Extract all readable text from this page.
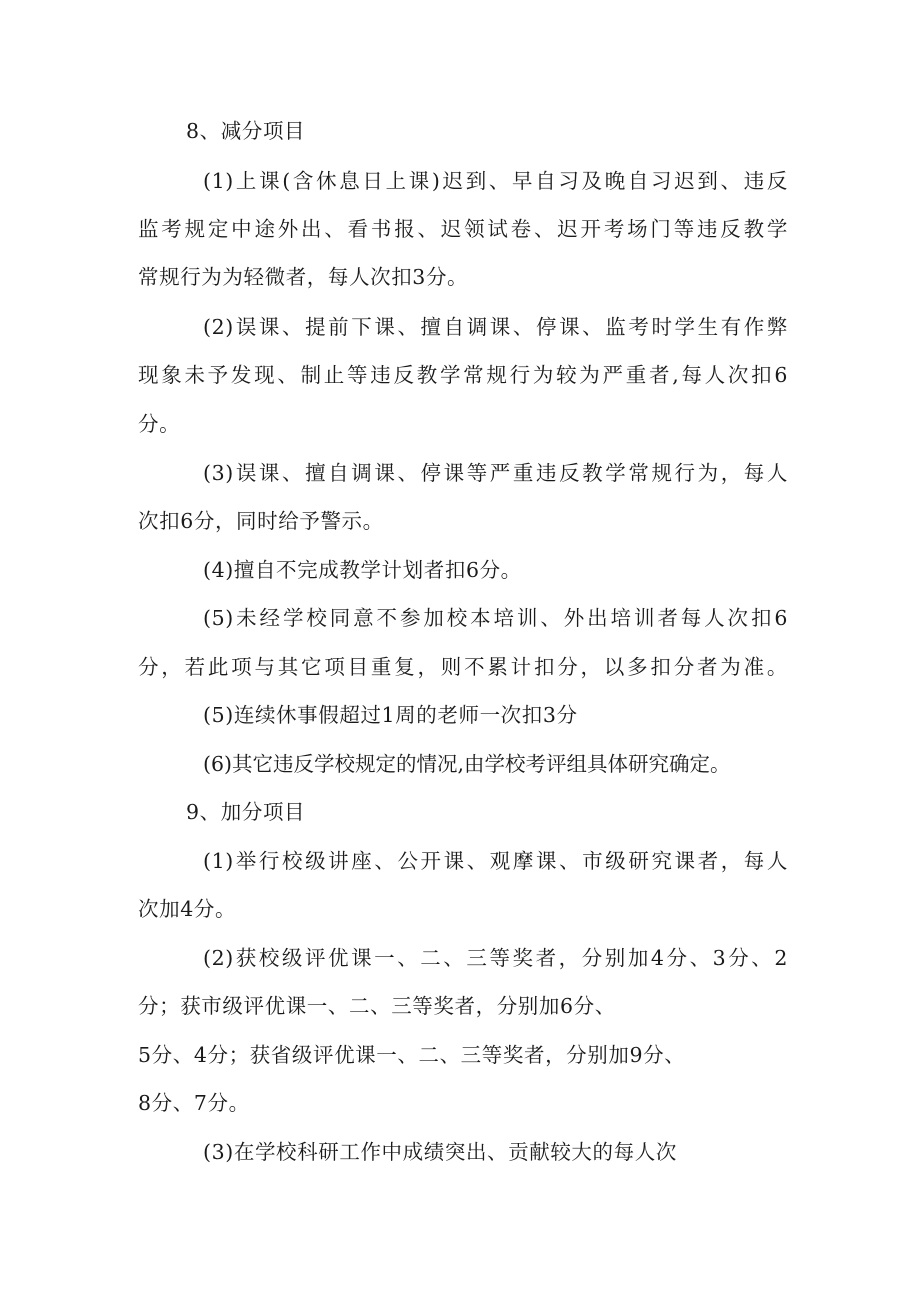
8、减分项目
(1)上课(含休息日上课)迟到、早自习及晚自习迟到、违反
监考规定中途外出、看书报、迟领试卷、迟开考场门等违反教学
常规行为为轻微者，每人次扣3分。
(2)误课、提前下课、擅自调课、停课、监考时学生有作弊
现象未予发现、制止等违反教学常规行为较为严重者,每人次扣6
分。
(3)误课、擅自调课、停课等严重违反教学常规行为，每人
次扣6分，同时给予警示。
(4)擅自不完成教学计划者扣6分。
(5)未经学校同意不参加校本培训、外出培训者每人次扣6
分，若此项与其它项目重复，则不累计扣分，以多扣分者为准。
(5)连续休事假超过1周的老师一次扣3分
(6)其它违反学校规定的情况,由学校考评组具体研究确定。
9、加分项目
(1)举行校级讲座、公开课、观摩课、市级研究课者，每人
次加4分。
(2)获校级评优课一、二、三等奖者，分别加4分、3分、2
分；获市级评优课一、二、三等奖者，分别加6分、
5分、4分；获省级评优课一、二、三等奖者，分别加9分、
8分、7分。
(3)在学校科研工作中成绩突出、贡献较大的每人次
